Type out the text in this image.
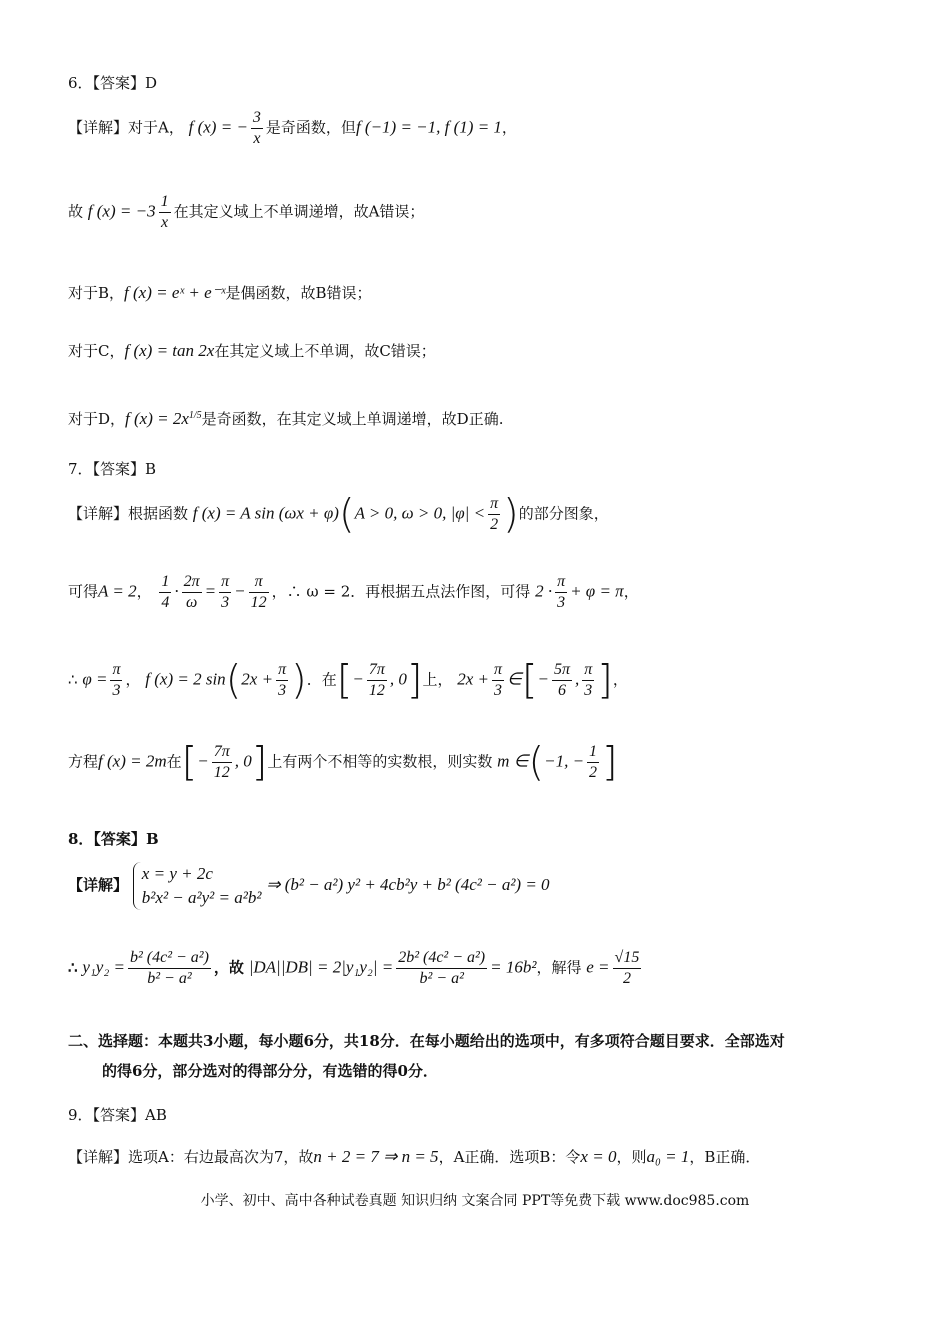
6．【答案】D
【详解】对于A， f (x) = − $\frac{3}{x}$ 是奇函数，但f (−1) = −1, f (1) = 1，
故 f $(x) = -3 \frac{1}{x}$ 在其定义域上不单调递增，故A错误；
对于B，f (x) = eˣ + e⁻ˣ是偶函数，故B错误；
对于C，f (x) = tan 2x在其定义域上不单调，故C错误；
对于D，f $(x) = 2x^{1/5}$是奇函数，在其定义域上单调递增，故D正确.
7．【答案】B
【详解】根据函数 f (x) = A sin (ωx + φ)(A > 0, ω > 0, $|\varphi| < \frac{\pi}{2}$ )的部分图象，
可得A = 2， $\frac{1}{4} \cdot \frac{2\pi}{\omega} = \frac{\pi}{3} - \frac{\pi}{12}$ ，∴ ω = 2．再根据五点法作图，可得 $2 \cdot \frac{\pi}{3} + \varphi = \pi$，
∴ $\varphi = \frac{\pi}{3}$ ， f (x) = 2 $\sin(2x + \frac{\pi}{3}$ )．在[− $\frac{7\pi}{12}$ , 0]上， $2x + \frac{\pi}{3}$ ∈[− $\frac{5\pi}{6}$ , $\frac{\pi}{3}$ ]，
方程f (x) = 2m在[− $\frac{7\pi}{12}$ , 0]上有两个不相等的实数根，则实数 m ∈(−1, − $\frac{1}{2}$ ]
8．【答案】B
【详解】
x = y + 2c
b²x² − a²y² = a²b²
⇒ (b² − a²) y² + 4cb²y + b² (4c² − a²) = 0
∴ $y_1y_2 = \frac{\text{b² (4c² − a²)}}{\text{b² − a²}}$ ，故 $|DA||DB| = 2|y_1y_2| = \frac{\text{2b² (4c² − a²)}}{\text{b² − a²}} = 16b^2$，解得 $e = \frac{√15}{2}$
二、选择题：本题共3小题，每小题6分，共18分．在每小题给出的选项中，有多项符合题目要求．全部选对
的得6分，部分选对的得部分分，有选错的得0分．
9．【答案】AB
【详解】选项A：右边最高次为7，故n + 2 = 7 ⇒ n = 5，A正确．选项B：令x = 0，则a₀ = 1，B正确．
小学、初中、高中各种试卷真题 知识归纳 文案合同 PPT等免费下载 www.doc985.com
